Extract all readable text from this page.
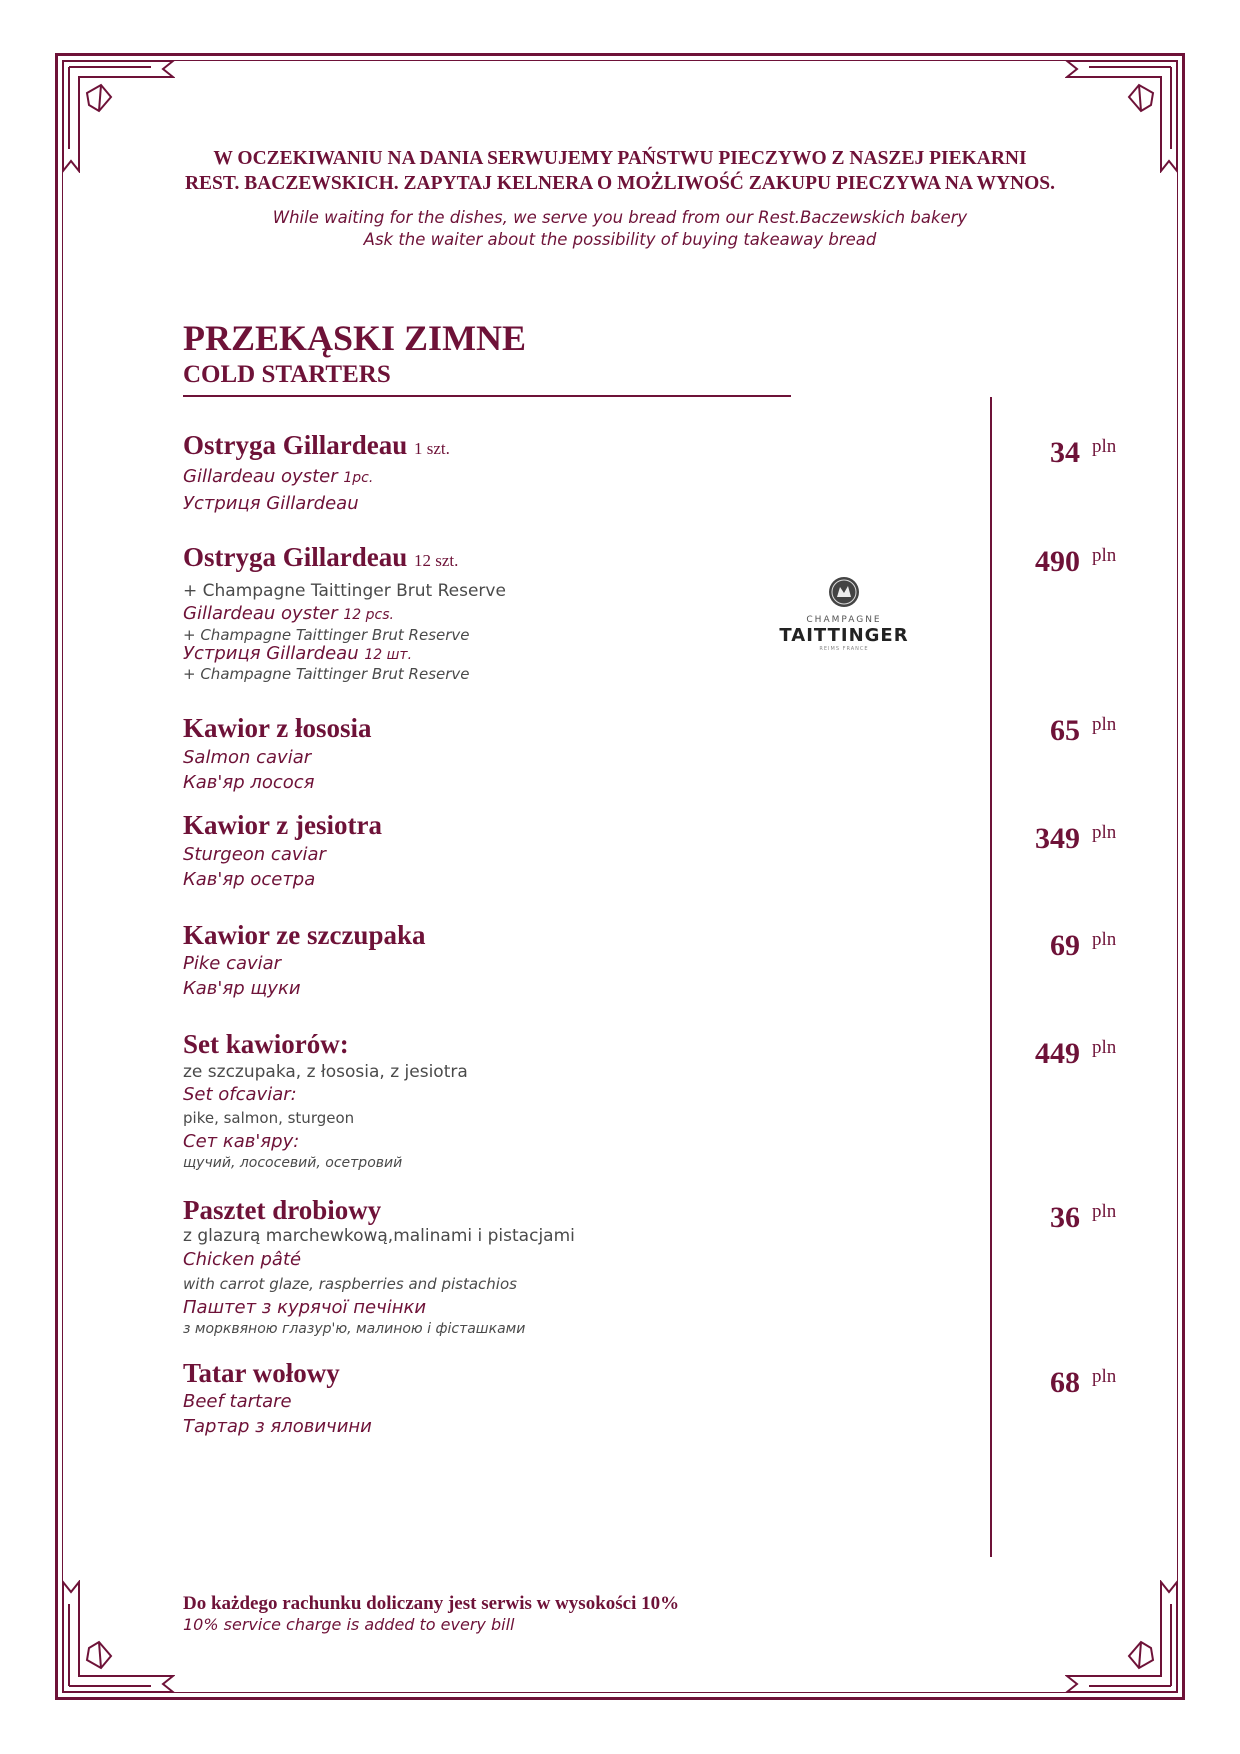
W OCZEKIWANIU NA DANIA SERWUJEMY PAŃSTWU PIECZYWO Z NASZEJ PIEKARNI
REST. BACZEWSKICH. ZAPYTAJ KELNERA O MOŻLIWOŚĆ ZAKUPU PIECZYWA NA WYNOS.
While waiting for the dishes, we serve you bread from our Rest.Baczewskich bakery
Ask the waiter about the possibility of buying takeaway bread
PRZEKĄSKI ZIMNE
COLD STARTERS
Ostryga Gillardeau 1 szt.
Gillardeau oyster 1pc.
Устриця Gillardeau
34 pln
Ostryga Gillardeau 12 szt.
+ Champagne Taittinger Brut Reserve
Gillardeau oyster 12 pcs.
+ Champagne Taittinger Brut Reserve
Устриця Gillardeau 12 шт.
+ Champagne Taittinger Brut Reserve
490 pln
CHAMPAGNE
TAITTINGER
REIMS FRANCE
Kawior z łososia
Salmon caviar
Кав'яр лосося
65 pln
Kawior z jesiotra
Sturgeon caviar
Кав'яр осетра
349 pln
Kawior ze szczupaka
Pike caviar
Кав'яр щуки
69 pln
Set kawiorów:
ze szczupaka, z łososia, z jesiotra
Set ofcaviar:
pike, salmon, sturgeon
Сет кав'яру:
щучий, лососевий, осетровий
449 pln
Pasztet drobiowy
z glazurą marchewkową,malinami i pistacjami
Chicken pâté
with carrot glaze, raspberries and pistachios
Паштет з курячої печінки
з морквяною глазур'ю, малиною і фісташками
36 pln
Tatar wołowy
Beef tartare
Тартар з яловичини
68 pln
Do każdego rachunku doliczany jest serwis w wysokości 10%
10% service charge is added to every bill
